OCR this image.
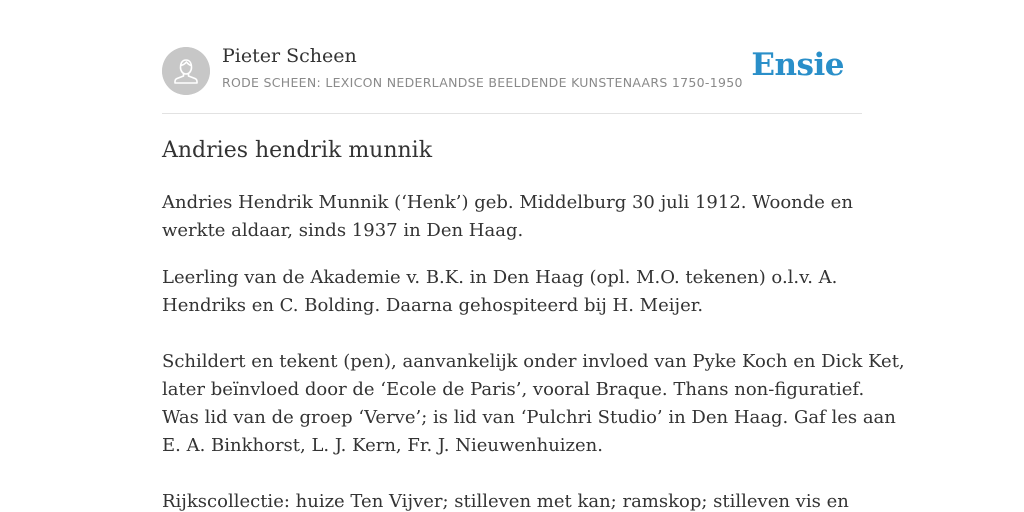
Pieter Scheen
RODE SCHEEN: LEXICON NEDERLANDSE BEELDENDE KUNSTENAARS 1750-1950 Ensie
Andries hendrik munnik

Andries Hendrik Munnik (‘Henk’) geb. Middelburg 30 juli 1912. Woonde en

werkte aldaar, sinds 1937 in Den Haag.

Leerling van de Akademie v. B.K. in Den Haag (opl. M.O. tekenen) o.l.v. A.

Hendriks en C. Bolding. Daarna gehospiteerd bij H. Meijer.

Schildert en tekent (pen), aanvankelijk onder invloed van Pyke Koch en Dick Ket,

later beïnvloed door de ‘Ecole de Paris’, vooral Braque. Thans non-figuratief.

Was lid van de groep ‘Verve’; is lid van ‘Pulchri Studio’ in Den Haag. Gaf les aan

E. A. Binkhorst, L. J. Kern, Fr. J. Nieuwenhuizen.

Rijkscollectie: huize Ten Vijver; stilleven met kan; ramskop; stilleven vis en
